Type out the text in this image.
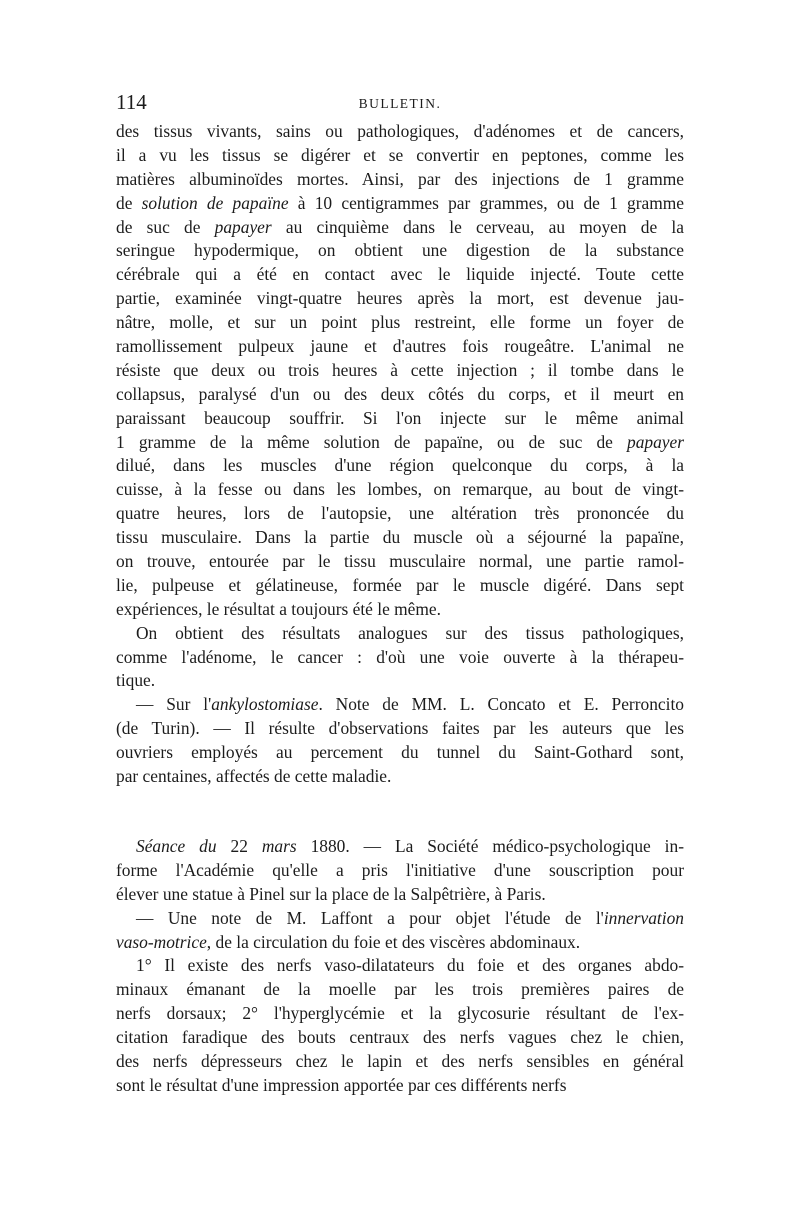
114	BULLETIN.
des tissus vivants, sains ou pathologiques, d'adénomes et de cancers,
il a vu les tissus se digérer et se convertir en peptones, comme les
matières albuminoïdes mortes. Ainsi, par des injections de 1 gramme
de solution de papaïne à 10 centigrammes par grammes, ou de 1 gramme
de suc de papayer au cinquième dans le cerveau, au moyen de la
seringue hypodermique, on obtient une digestion de la substance
cérébrale qui a été en contact avec le liquide injecté. Toute cette
partie, examinée vingt-quatre heures après la mort, est devenue jau-
nâtre, molle, et sur un point plus restreint, elle forme un foyer de
ramollissement pulpeux jaune et d'autres fois rougeâtre. L'animal ne
résiste que deux ou trois heures à cette injection ; il tombe dans le
collapsus, paralysé d'un ou des deux côtés du corps, et il meurt en
paraissant beaucoup souffrir. Si l'on injecte sur le même animal
1 gramme de la même solution de papaïne, ou de suc de papayer
dilué, dans les muscles d'une région quelconque du corps, à la
cuisse, à la fesse ou dans les lombes, on remarque, au bout de vingt-
quatre heures, lors de l'autopsie, une altération très prononcée du
tissu musculaire. Dans la partie du muscle où a séjourné la papaïne,
on trouve, entourée par le tissu musculaire normal, une partie ramol-
lie, pulpeuse et gélatineuse, formée par le muscle digéré. Dans sept
expériences, le résultat a toujours été le même.
On obtient des résultats analogues sur des tissus pathologiques,
comme l'adénome, le cancer : d'où une voie ouverte à la thérapeu-
tique.
— Sur l'ankylostomiase. Note de MM. L. Concato et E. Perroncito
(de Turin). — Il résulte d'observations faites par les auteurs que les
ouvriers employés au percement du tunnel du Saint-Gothard sont,
par centaines, affectés de cette maladie.
Séance du 22 mars 1880. — La Société médico-psychologique in-
forme l'Académie qu'elle a pris l'initiative d'une souscription pour
élever une statue à Pinel sur la place de la Salpêtrière, à Paris.
— Une note de M. Laffont a pour objet l'étude de l'innervation
vaso-motrice, de la circulation du foie et des viscères abdominaux.
1° Il existe des nerfs vaso-dilatateurs du foie et des organes abdo-
minaux émanant de la moelle par les trois premières paires de
nerfs dorsaux; 2° l'hyperglycémie et la glycosurie résultant de l'ex-
citation faradique des bouts centraux des nerfs vagues chez le chien,
des nerfs dépresseurs chez le lapin et des nerfs sensibles en général
sont le résultat d'une impression apportée par ces différents nerfs
